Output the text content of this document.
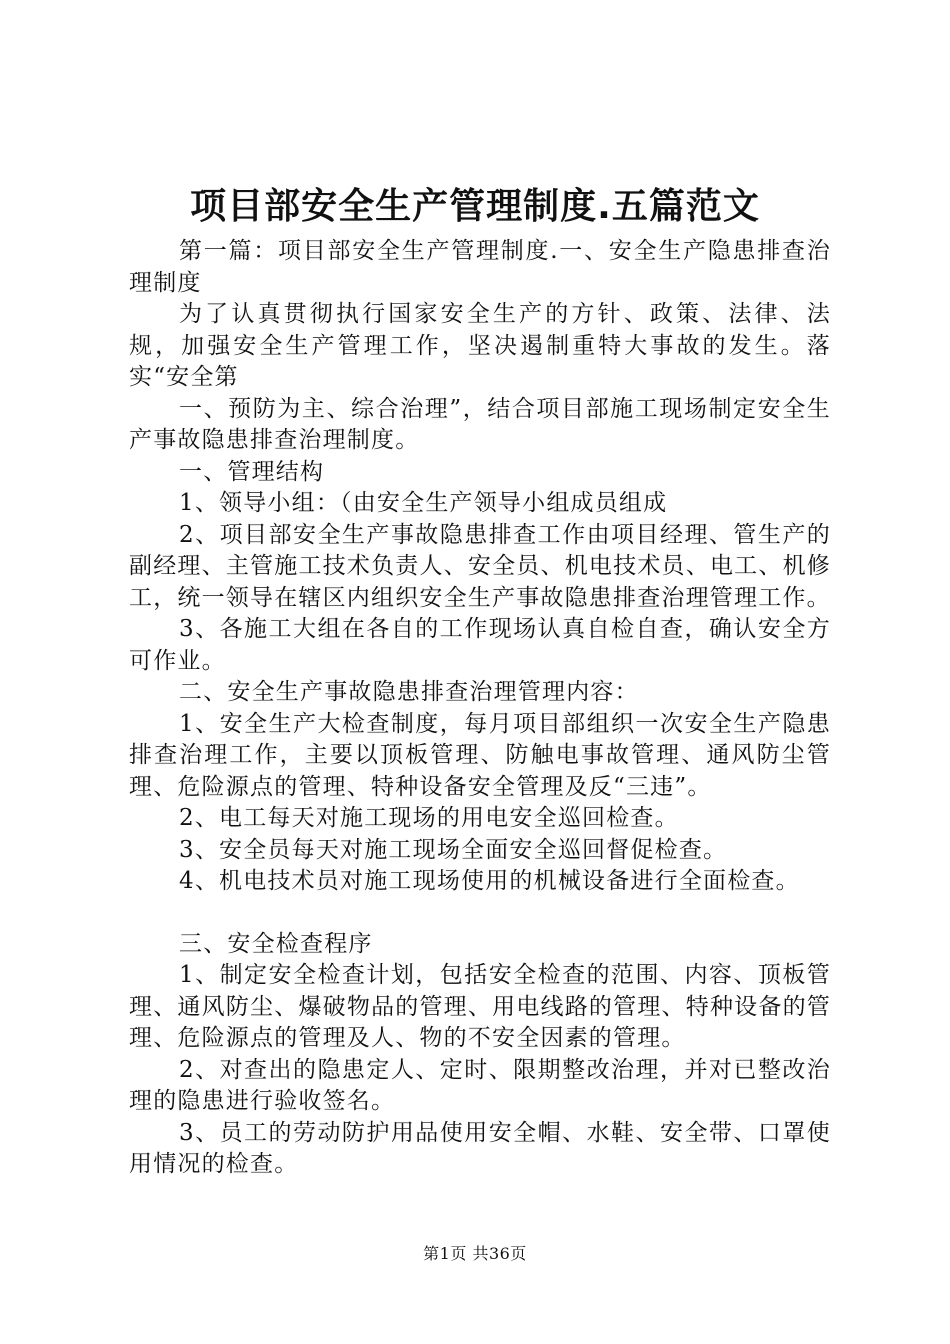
项目部安全生产管理制度.五篇范文

第一篇：项目部安全生产管理制度.一、安全生产隐患排查治理制度

为了认真贯彻执行国家安全生产的方针、政策、法律、法规，加强安全生产管理工作，坚决遏制重特大事故的发生。落实“安全第

一、预防为主、综合治理”，结合项目部施工现场制定安全生产事故隐患排查治理制度。

一、管理结构

1、领导小组：（由安全生产领导小组成员组成

2、项目部安全生产事故隐患排查工作由项目经理、管生产的副经理、主管施工技术负责人、安全员、机电技术员、电工、机修工，统一领导在辖区内组织安全生产事故隐患排查治理管理工作。

3、各施工大组在各自的工作现场认真自检自查，确认安全方可作业。

二、安全生产事故隐患排查治理管理内容：

1、安全生产大检查制度，每月项目部组织一次安全生产隐患排查治理工作，主要以顶板管理、防触电事故管理、通风防尘管理、危险源点的管理、特种设备安全管理及反“三违”。

2、电工每天对施工现场的用电安全巡回检查。

3、安全员每天对施工现场全面安全巡回督促检查。

4、机电技术员对施工现场使用的机械设备进行全面检查。

三、安全检查程序

1、制定安全检查计划，包括安全检查的范围、内容、顶板管理、通风防尘、爆破物品的管理、用电线路的管理、特种设备的管理、危险源点的管理及人、物的不安全因素的管理。

2、对查出的隐患定人、定时、限期整改治理，并对已整改治理的隐患进行验收签名。

3、员工的劳动防护用品使用安全帽、水鞋、安全带、口罩使用情况的检查。

第1页 共36页
